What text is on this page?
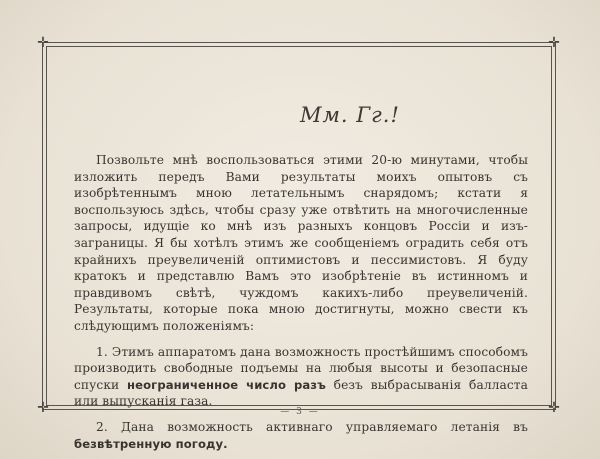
✛	✛
✛	✛
Мм. Гг.!

Позвольте мнѣ воспользоваться этими 20-ю минутами, чтобы изложить передъ Вами результаты моихъ опытовъ съ изобрѣтеннымъ мною летательнымъ снарядомъ; кстати я воспользуюсь здѣсь, чтобы сразу уже отвѣтить на многочисленные запросы, идущіе ко мнѣ изъ разныхъ концовъ Россіи и изъ-заграницы. Я бы хотѣлъ этимъ же сообщеніемъ оградить себя отъ крайнихъ преувеличеній оптимистовъ и пессимистовъ. Я буду кратокъ и представлю Вамъ это изобрѣтеніе въ истинномъ и правдивомъ свѣтѣ, чуждомъ какихъ-либо преувеличеній. Результаты, которые пока мною достигнуты, можно свести къ слѣдующимъ положеніямъ:

1. Этимъ аппаратомъ дана возможность простѣйшимъ способомъ производить свободные подъемы на любыя высоты и безопасные спуски неограниченное число разъ безъ выбрасыванія балласта или выпусканія газа.

2. Дана возможность активнаго управляемаго летанія въ безвѣтренную погоду.

— 3 —
